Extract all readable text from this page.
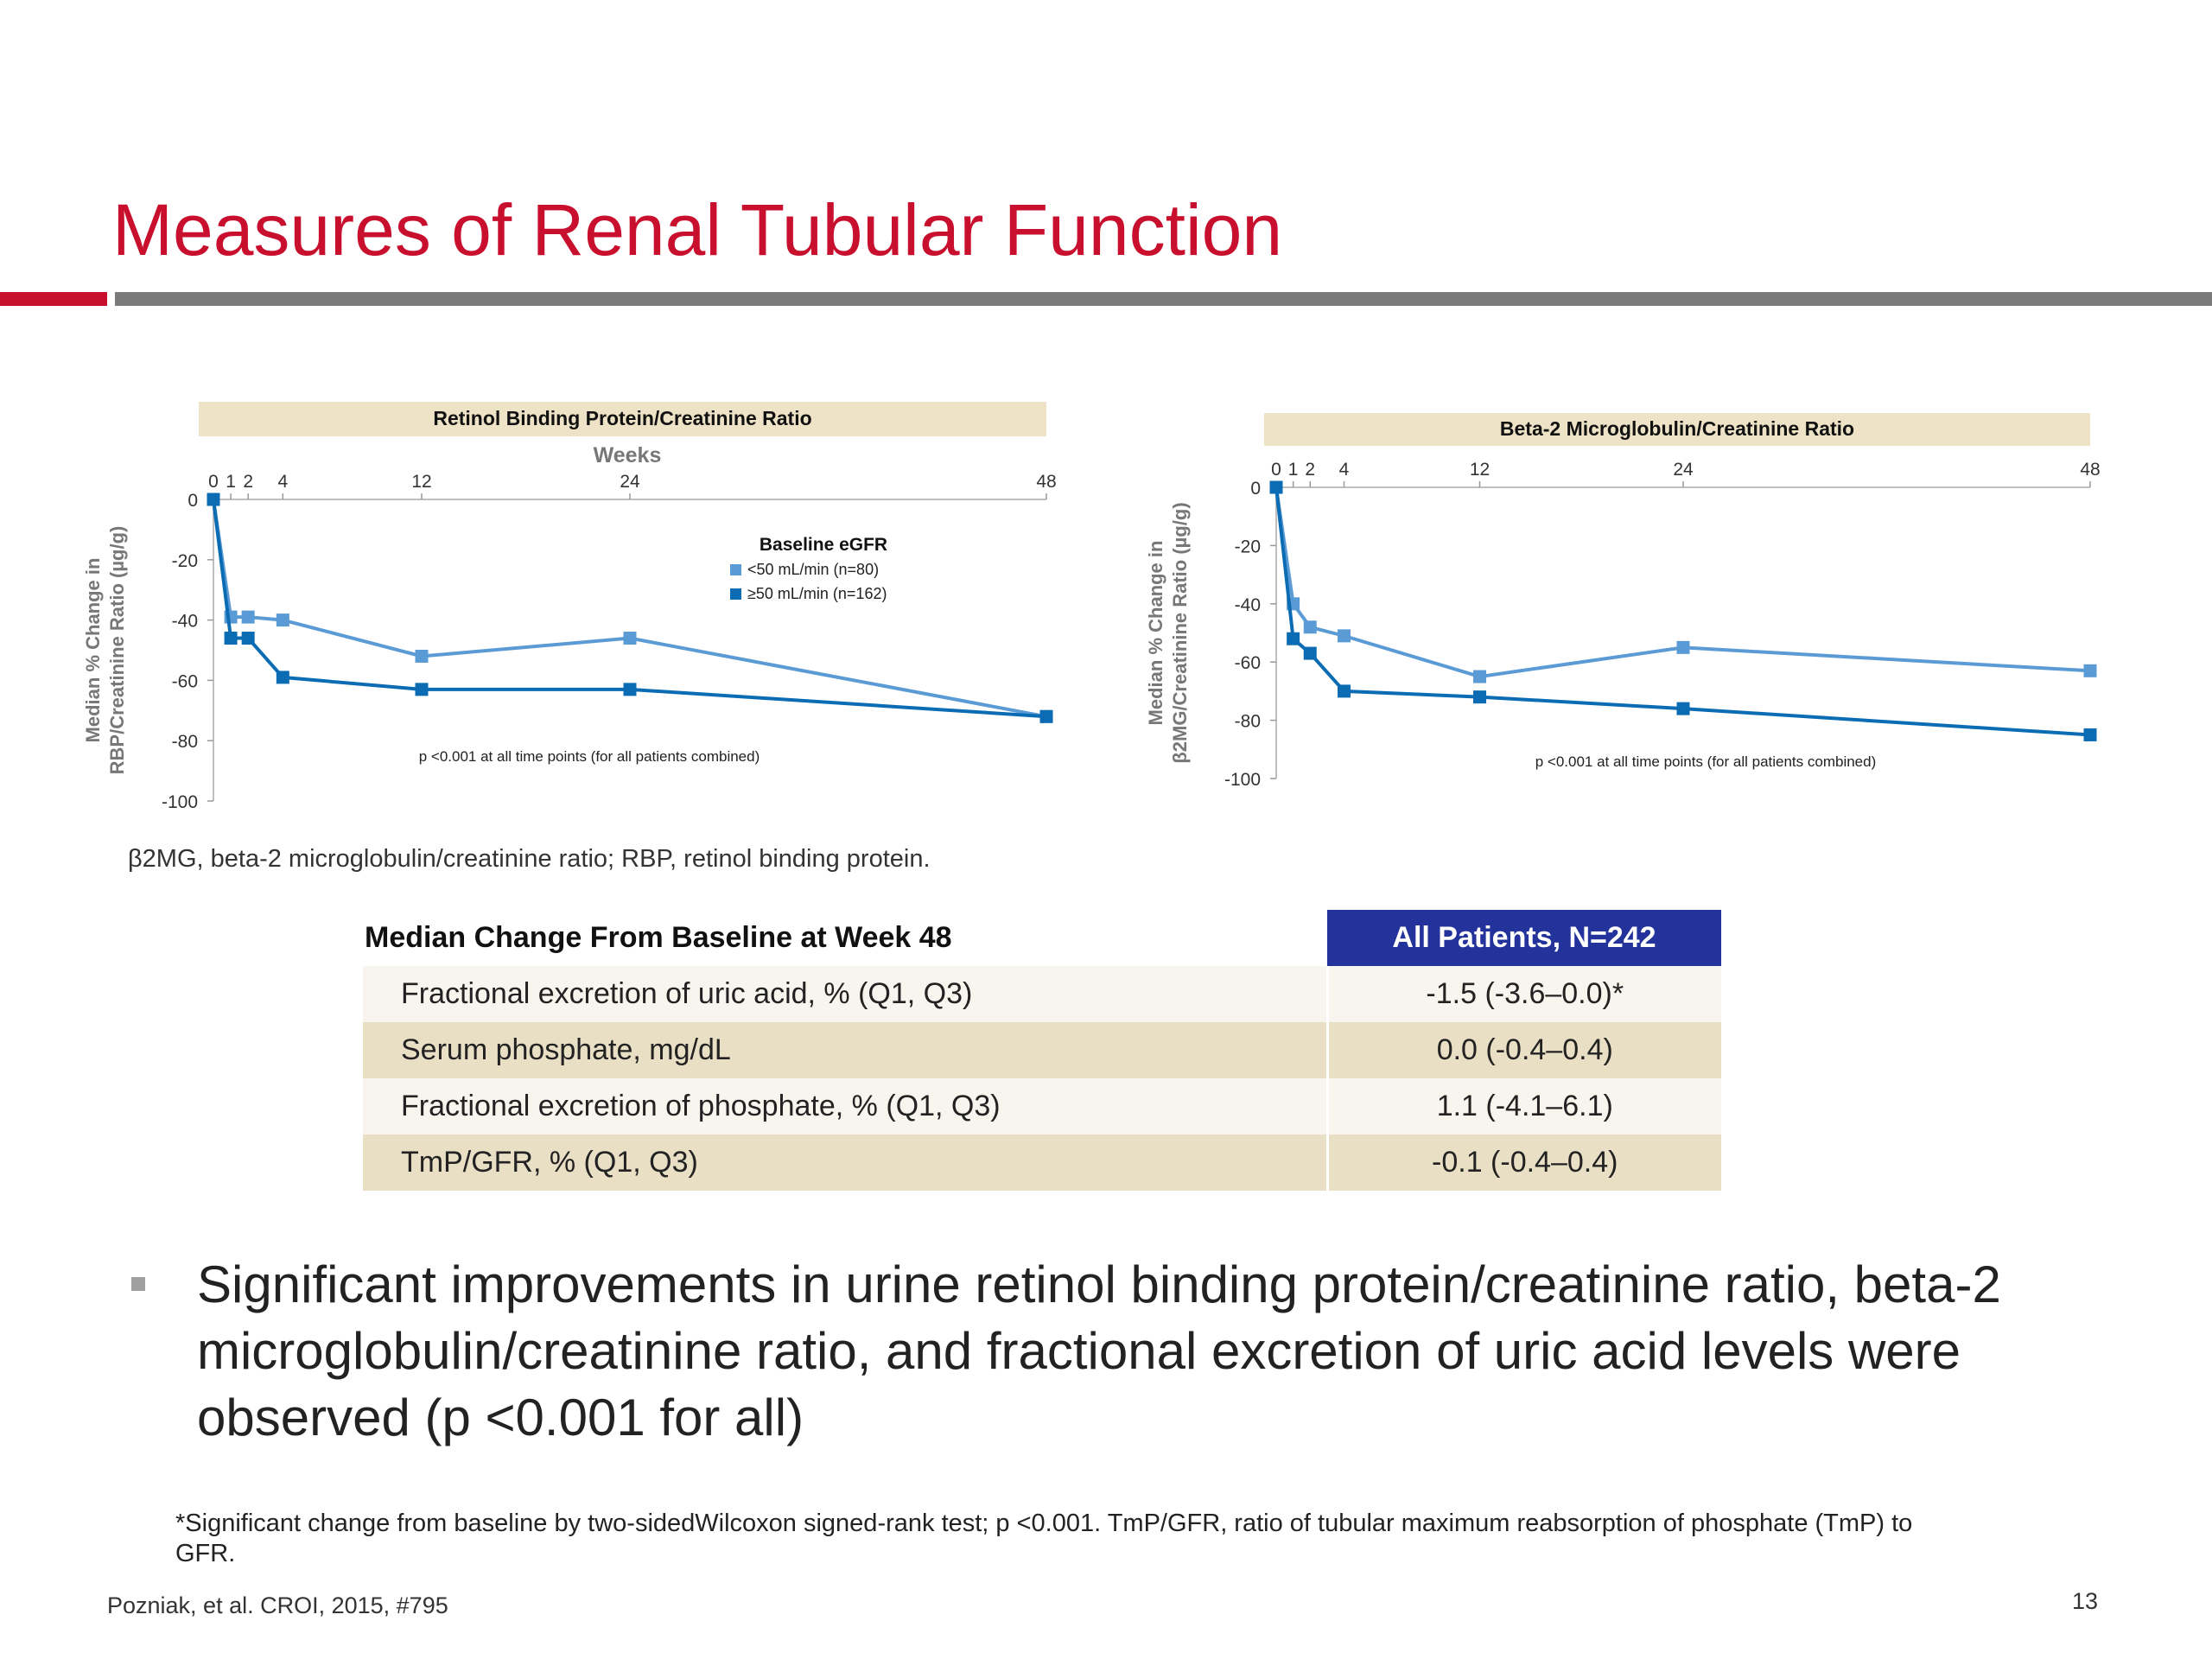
Measures of Renal Tubular Function
Retinol Binding Protein/Creatinine Ratio
Weeks
0 1 2 4	12	24	48
0
-20
-40
-60
-80
-100
Median % Change in RBP/Creatinine Ratio (µg/g)	p <0.001 at all time points (for all patients combined)
Baseline eGFR
<50 mL/min (n=80)
≥50 mL/min (n=162)
Beta-2 Microglobulin/Creatinine Ratio
0 1 2 4	12	24	48
0
-20
-40
-60
-80
-100
Median % Change in β2MG/Creatinine Ratio (µg/g)	p <0.001 at all time points (for all patients combined)
β2MG, beta-2 microglobulin/creatinine ratio; RBP, retinol binding protein.
Median Change From Baseline at Week 48	All Patients, N=242
Fractional excretion of uric acid, % (Q1, Q3)	-1.5 (-3.6–0.0)*
Serum phosphate, mg/dL	0.0 (-0.4–0.4)
Fractional excretion of phosphate, % (Q1, Q3)	1.1 (-4.1–6.1)
TmP/GFR, % (Q1, Q3)	-0.1 (-0.4–0.4)
Significant improvements in urine retinol binding protein/creatinine ratio, beta-2 microglobulin/creatinine ratio, and fractional excretion of uric acid levels were observed (p <0.001 for all)
*Significant change from baseline by two-sidedWilcoxon signed-rank test; p <0.001. TmP/GFR, ratio of tubular maximum reabsorption of phosphate (TmP) to GFR.
Pozniak, et al. CROI, 2015, #795	13
